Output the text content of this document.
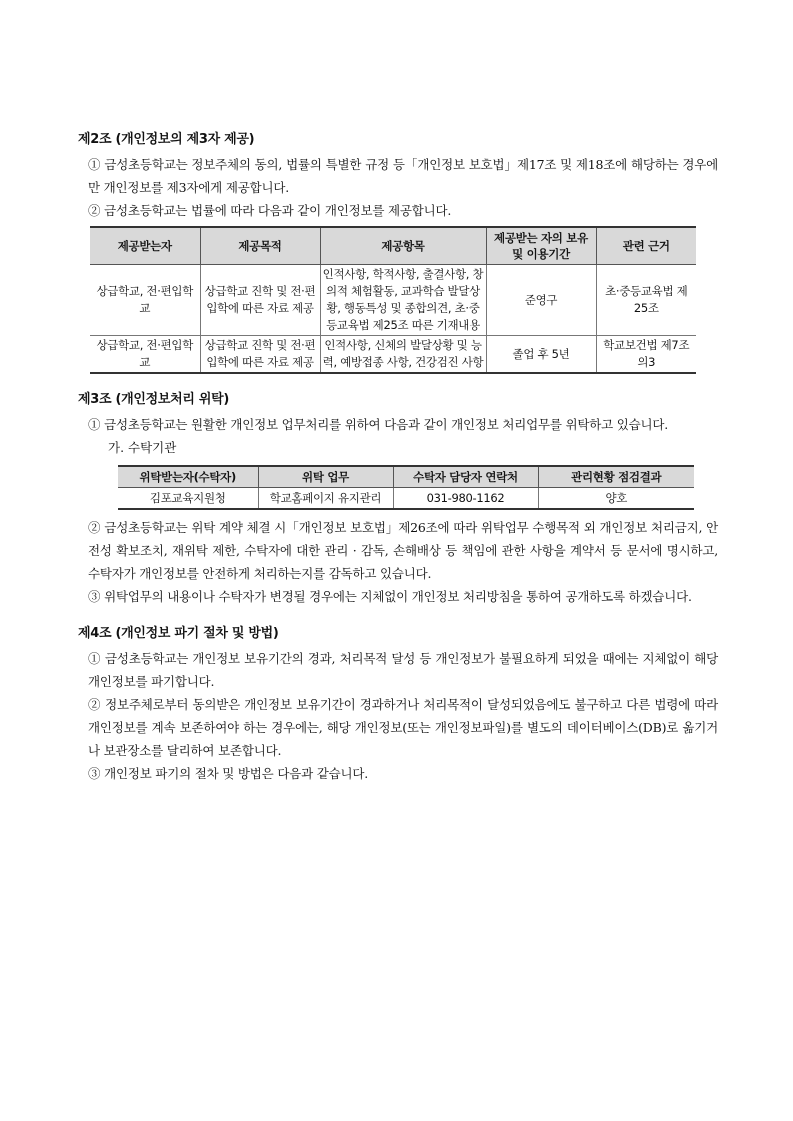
제2조 (개인정보의 제3자 제공)

① 금성초등학교는 정보주체의 동의, 법률의 특별한 규정 등「개인정보 보호법」제17조 및 제18조에 해당하는 경우에만 개인정보를 제3자에게 제공합니다.

② 금성초등학교는 법률에 따라 다음과 같이 개인정보를 제공합니다.

제공받는자	제공목적	제공항목	제공받는 자의 보유 및 이용기간	관련 근거
상급학교, 전·편입학교	상급학교 진학 및 전·편입학에 따른 자료 제공	인적사항, 학적사항, 출결사항, 창의적 체험활동, 교과학습 발달상황, 행동특성 및 종합의견, 초·중등교육법 제25조 따른 기재내용	준영구	초·중등교육법 제25조
상급학교, 전·편입학교	상급학교 진학 및 전·편입학에 따른 자료 제공	인적사항, 신체의 발달상황 및 능력, 예방접종 사항, 건강검진 사항	졸업 후 5년	학교보건법 제7조의3
제3조 (개인정보처리 위탁)

① 금성초등학교는 원활한 개인정보 업무처리를 위하여 다음과 같이 개인정보 처리업무를 위탁하고 있습니다.

가. 수탁기관
위탁받는자(수탁자)	위탁 업무	수탁자 담당자 연락처	관리현황 점검결과
김포교육지원청	학교홈페이지 유지관리	031-980-1162	양호

② 금성초등학교는 위탁 계약 체결 시「개인정보 보호법」제26조에 따라 위탁업무 수행목적 외 개인정보 처리금지, 안전성 확보조치, 재위탁 제한, 수탁자에 대한 관리 · 감독, 손해배상 등 책임에 관한 사항을 계약서 등 문서에 명시하고, 수탁자가 개인정보를 안전하게 처리하는지를 감독하고 있습니다.

③ 위탁업무의 내용이나 수탁자가 변경될 경우에는 지체없이 개인정보 처리방침을 통하여 공개하도록 하겠습니다.

제4조 (개인정보 파기 절차 및 방법)

① 금성초등학교는 개인정보 보유기간의 경과, 처리목적 달성 등 개인정보가 불필요하게 되었을 때에는 지체없이 해당 개인정보를 파기합니다.

② 정보주체로부터 동의받은 개인정보 보유기간이 경과하거나 처리목적이 달성되었음에도 불구하고 다른 법령에 따라 개인정보를 계속 보존하여야 하는 경우에는, 해당 개인정보(또는 개인정보파일)를 별도의 데이터베이스(DB)로 옮기거나 보관장소를 달리하여 보존합니다.

③ 개인정보 파기의 절차 및 방법은 다음과 같습니다.
